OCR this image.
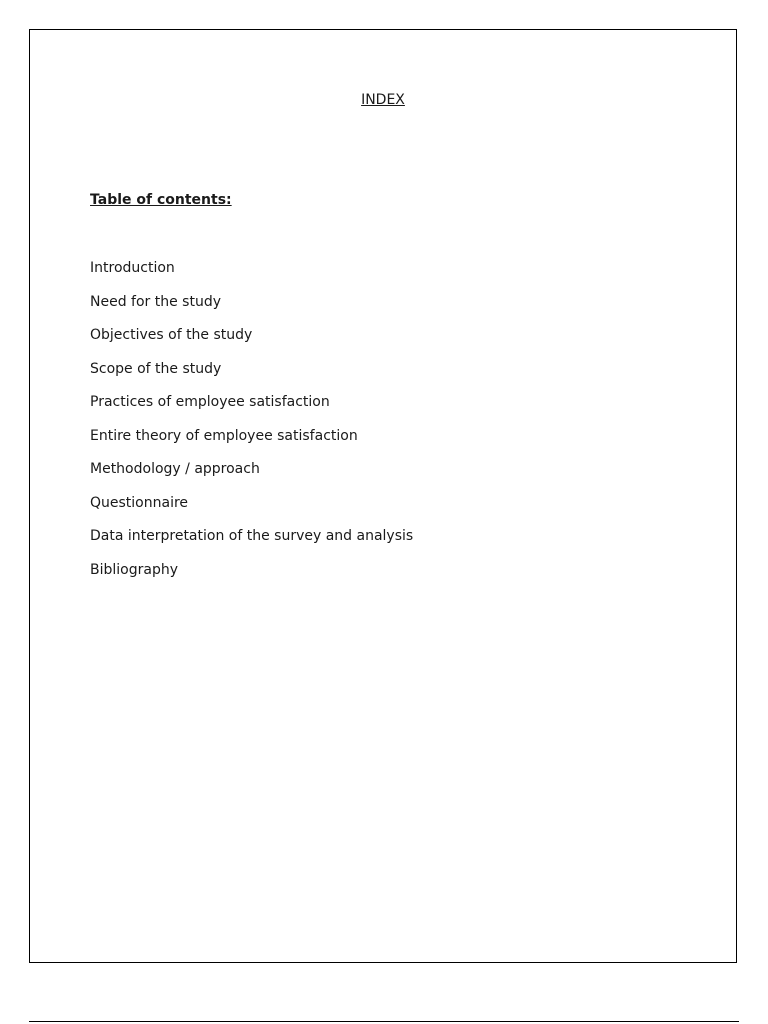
INDEX
Table of contents:
Introduction
Need for the study
Objectives of the study
Scope of the study
Practices of employee satisfaction
Entire theory of employee satisfaction
Methodology / approach
Questionnaire
Data interpretation of the survey and analysis
Bibliography
